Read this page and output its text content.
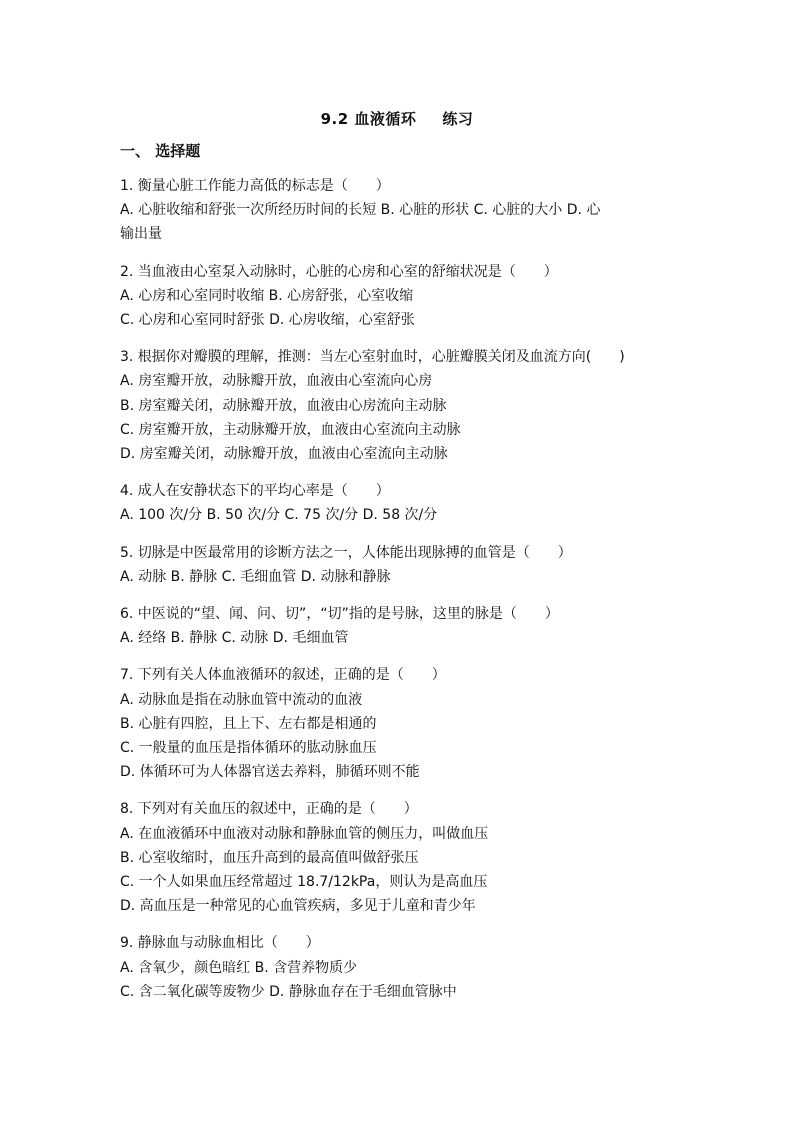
9.2 血液循环 练习
一、 选择题
1. 衡量心脏工作能力高低的标志是（　　）
A. 心脏收缩和舒张一次所经历时间的长短 B. 心脏的形状 C. 心脏的大小 D. 心
输出量
2. 当血液由心室泵入动脉时，心脏的心房和心室的舒缩状况是（　　）
A. 心房和心室同时收缩 B. 心房舒张，心室收缩
C. 心房和心室同时舒张 D. 心房收缩，心室舒张
3. 根据你对瓣膜的理解，推测：当左心室射血时，心脏瓣膜关闭及血流方向(　　)
A. 房室瓣开放，动脉瓣开放，血液由心室流向心房
B. 房室瓣关闭，动脉瓣开放，血液由心房流向主动脉
C. 房室瓣开放，主动脉瓣开放，血液由心室流向主动脉
D. 房室瓣关闭，动脉瓣开放，血液由心室流向主动脉
4. 成人在安静状态下的平均心率是（　　）
A. 100 次/分 B. 50 次/分 C. 75 次/分 D. 58 次/分
5. 切脉是中医最常用的诊断方法之一，人体能出现脉搏的血管是（　　）
A. 动脉 B. 静脉 C. 毛细血管 D. 动脉和静脉
6. 中医说的“望、闻、问、切”，“切”指的是号脉，这里的脉是（　　）
A. 经络 B. 静脉 C. 动脉 D. 毛细血管
7. 下列有关人体血液循环的叙述，正确的是（　　）
A. 动脉血是指在动脉血管中流动的血液
B. 心脏有四腔，且上下、左右都是相通的
C. 一般量的血压是指体循环的肱动脉血压
D. 体循环可为人体器官送去养料，肺循环则不能
8. 下列对有关血压的叙述中，正确的是（　　）
A. 在血液循环中血液对动脉和静脉血管的侧压力，叫做血压
B. 心室收缩时，血压升高到的最高值叫做舒张压
C. 一个人如果血压经常超过 18.7/12kPa，则认为是高血压
D. 高血压是一种常见的心血管疾病，多见于儿童和青少年
9. 静脉血与动脉血相比（　　）
A. 含氧少，颜色暗红 B. 含营养物质少
C. 含二氧化碳等废物少 D. 静脉血存在于毛细血管脉中
